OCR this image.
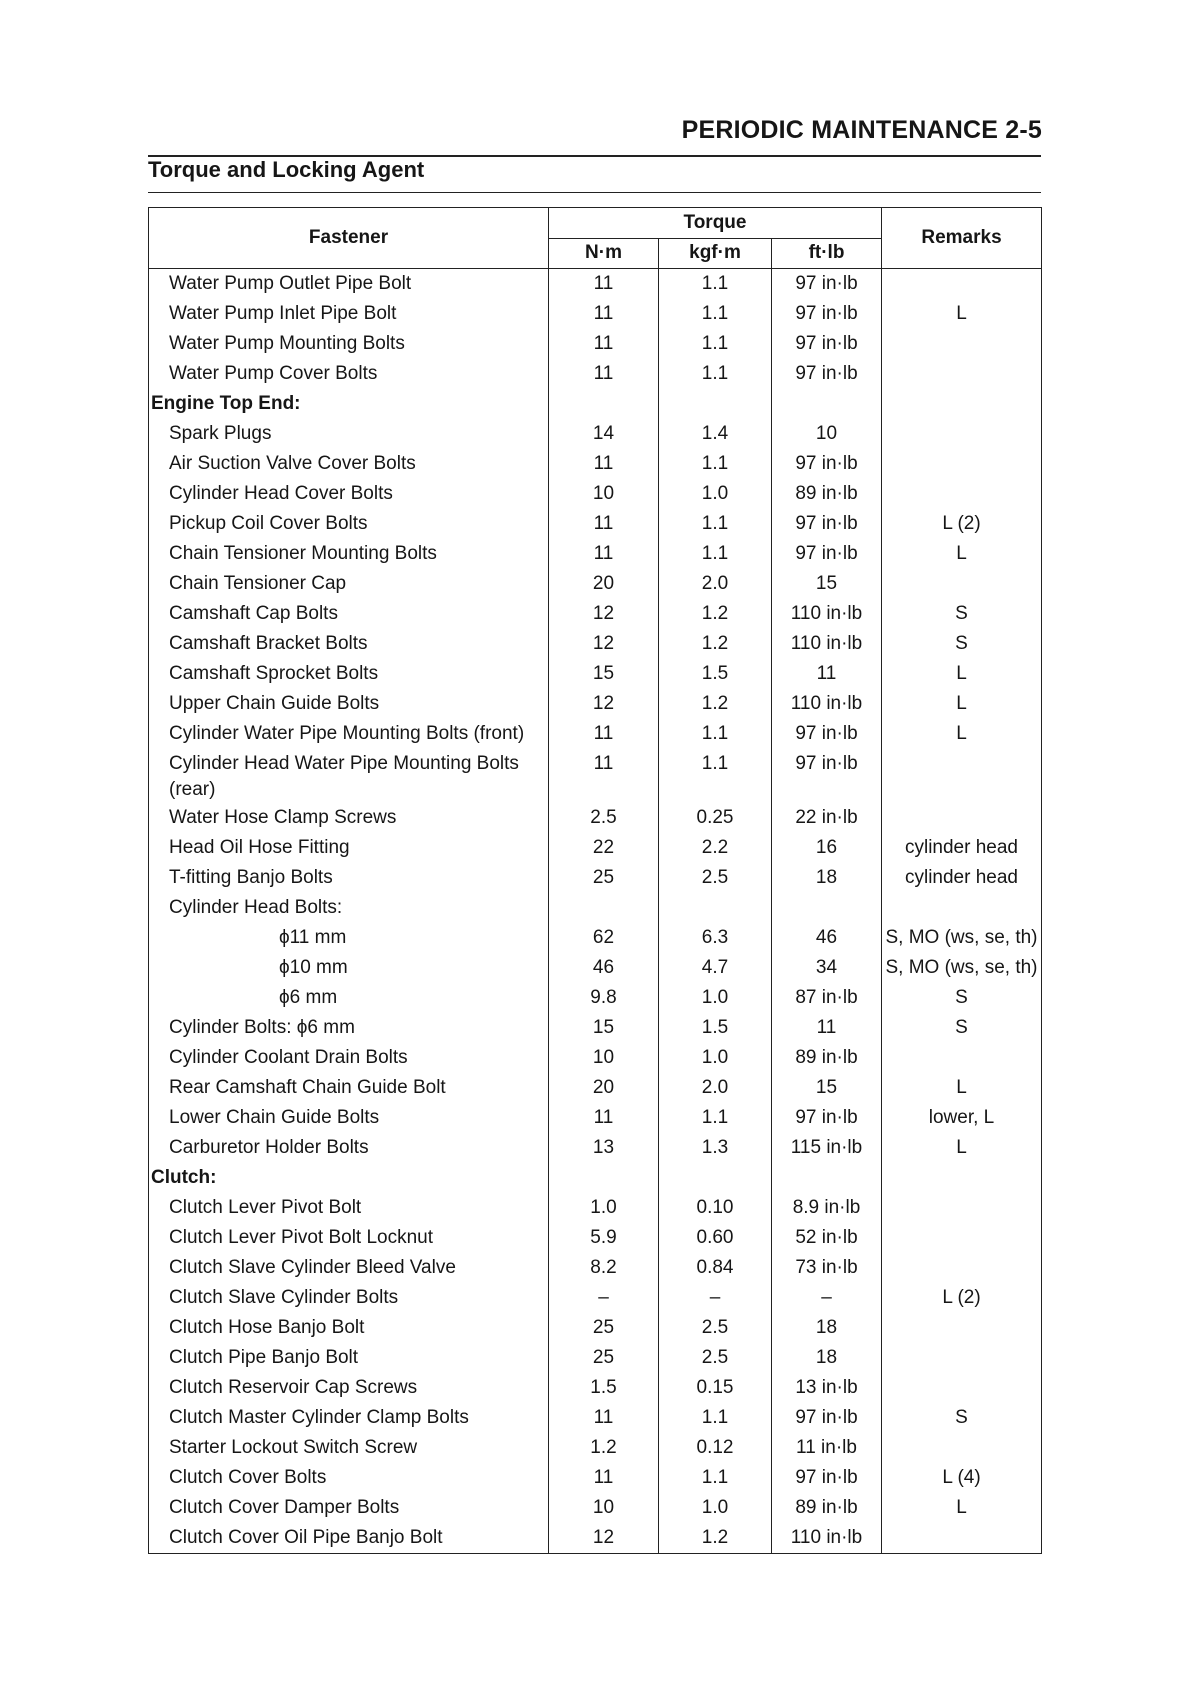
PERIODIC MAINTENANCE 2-5
Torque and Locking Agent
Fastener	Torque			Remarks
	N·m	kgf·m	ft·lb	
Water Pump Outlet Pipe Bolt	11	1.1	97 in·lb	
Water Pump Inlet Pipe Bolt	11	1.1	97 in·lb	L
Water Pump Mounting Bolts	11	1.1	97 in·lb	
Water Pump Cover Bolts	11	1.1	97 in·lb	
Engine Top End:				
Spark Plugs	14	1.4	10	
Air Suction Valve Cover Bolts	11	1.1	97 in·lb	
Cylinder Head Cover Bolts	10	1.0	89 in·lb	
Pickup Coil Cover Bolts	11	1.1	97 in·lb	L (2)
Chain Tensioner Mounting Bolts	11	1.1	97 in·lb	L
Chain Tensioner Cap	20	2.0	15	
Camshaft Cap Bolts	12	1.2	110 in·lb	S
Camshaft Bracket Bolts	12	1.2	110 in·lb	S
Camshaft Sprocket Bolts	15	1.5	11	L
Upper Chain Guide Bolts	12	1.2	110 in·lb	L
Cylinder Water Pipe Mounting Bolts (front)	11	1.1	97 in·lb	L
Cylinder Head Water Pipe Mounting Bolts (rear)	11	1.1	97 in·lb	
Water Hose Clamp Screws	2.5	0.25	22 in·lb	
Head Oil Hose Fitting	22	2.2	16	cylinder head
T-fitting Banjo Bolts	25	2.5	18	cylinder head
Cylinder Head Bolts:				
ϕ11 mm	62	6.3	46	S, MO (ws, se, th)
ϕ10 mm	46	4.7	34	S, MO (ws, se, th)
ϕ6 mm	9.8	1.0	87 in·lb	S
Cylinder Bolts: ϕ6 mm	15	1.5	11	S
Cylinder Coolant Drain Bolts	10	1.0	89 in·lb	
Rear Camshaft Chain Guide Bolt	20	2.0	15	L
Lower Chain Guide Bolts	11	1.1	97 in·lb	lower, L
Carburetor Holder Bolts	13	1.3	115 in·lb	L
Clutch:				
Clutch Lever Pivot Bolt	1.0	0.10	8.9 in·lb	
Clutch Lever Pivot Bolt Locknut	5.9	0.60	52 in·lb	
Clutch Slave Cylinder Bleed Valve	8.2	0.84	73 in·lb	
Clutch Slave Cylinder Bolts	–	–	–	L (2)
Clutch Hose Banjo Bolt	25	2.5	18	
Clutch Pipe Banjo Bolt	25	2.5	18	
Clutch Reservoir Cap Screws	1.5	0.15	13 in·lb	
Clutch Master Cylinder Clamp Bolts	11	1.1	97 in·lb	S
Starter Lockout Switch Screw	1.2	0.12	11 in·lb	
Clutch Cover Bolts	11	1.1	97 in·lb	L (4)
Clutch Cover Damper Bolts	10	1.0	89 in·lb	L
Clutch Cover Oil Pipe Banjo Bolt	12	1.2	110 in·lb	
